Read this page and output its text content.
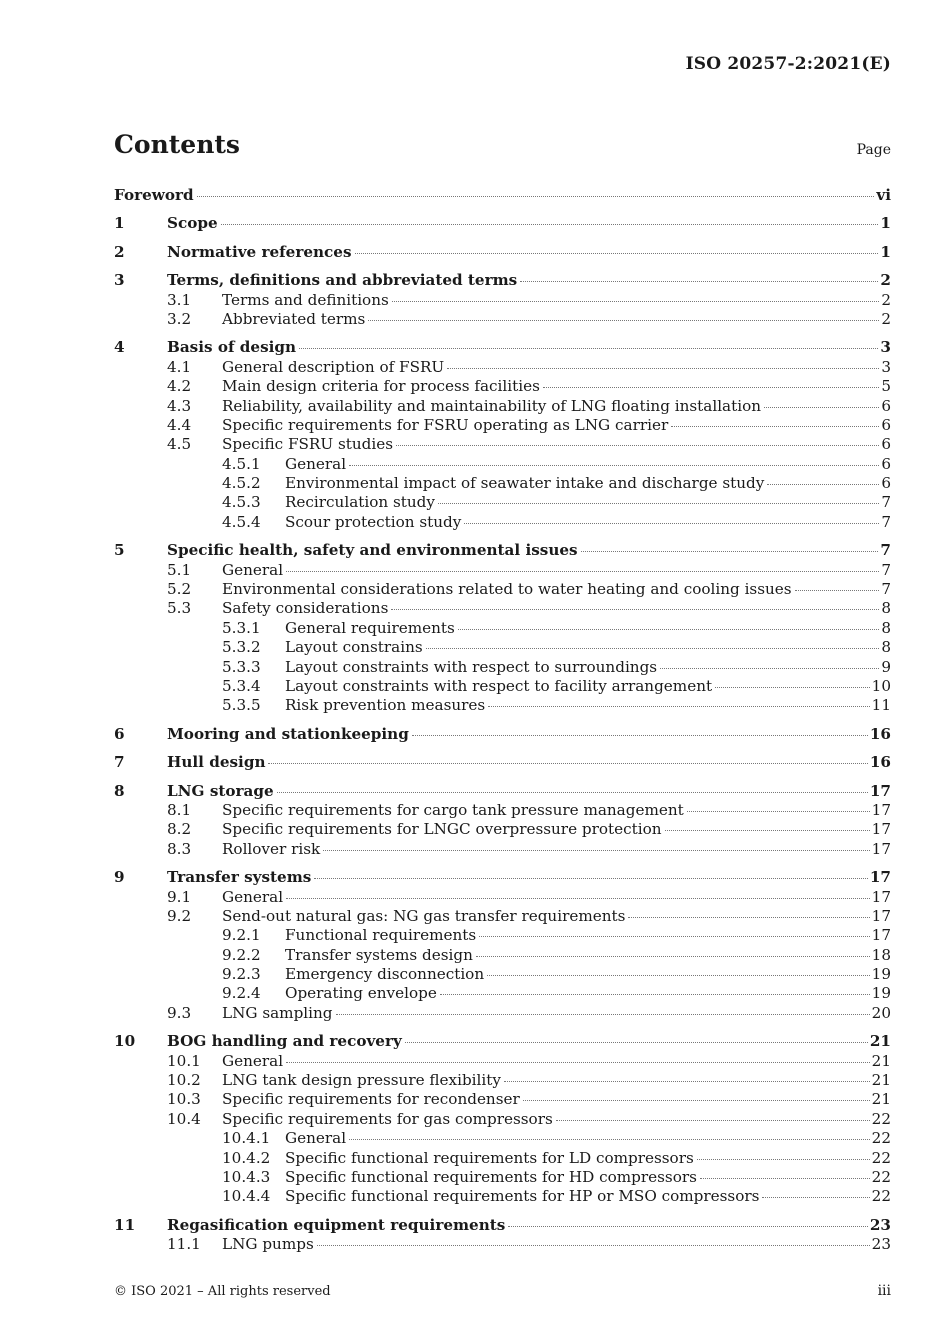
ISO 20257-2:2021(E)
Contents	Page
Foreword	vi
1	Scope	1
2	Normative references	1
3	Terms, definitions and abbreviated terms	2
3.1	Terms and definitions	2
3.2	Abbreviated terms	2
4	Basis of design	3
4.1	General description of FSRU	3
4.2	Main design criteria for process facilities	5
4.3	Reliability, availability and maintainability of LNG floating installation	6
4.4	Specific requirements for FSRU operating as LNG carrier	6
4.5	Specific FSRU studies	6
4.5.1	General	6
4.5.2	Environmental impact of seawater intake and discharge study	6
4.5.3	Recirculation study	7
4.5.4	Scour protection study	7
5	Specific health, safety and environmental issues	7
5.1	General	7
5.2	Environmental considerations related to water heating and cooling issues	7
5.3	Safety considerations	8
5.3.1	General requirements	8
5.3.2	Layout constrains	8
5.3.3	Layout constraints with respect to surroundings	9
5.3.4	Layout constraints with respect to facility arrangement	10
5.3.5	Risk prevention measures	11
6	Mooring and stationkeeping	16
7	Hull design	16
8	LNG storage	17
8.1	Specific requirements for cargo tank pressure management	17
8.2	Specific requirements for LNGC overpressure protection	17
8.3	Rollover risk	17
9	Transfer systems	17
9.1	General	17
9.2	Send-out natural gas: NG gas transfer requirements	17
9.2.1	Functional requirements	17
9.2.2	Transfer systems design	18
9.2.3	Emergency disconnection	19
9.2.4	Operating envelope	19
9.3	LNG sampling	20
10	BOG handling and recovery	21
10.1	General	21
10.2	LNG tank design pressure flexibility	21
10.3	Specific requirements for recondenser	21
10.4	Specific requirements for gas compressors	22
10.4.1 General	22
10.4.2 Specific functional requirements for LD compressors	22
10.4.3 Specific functional requirements for HD compressors	22
10.4.4 Specific functional requirements for HP or MSO compressors	22
11	Regasification equipment requirements	23
11.1	LNG pumps	23
© ISO 2021 – All rights reserved	iii
